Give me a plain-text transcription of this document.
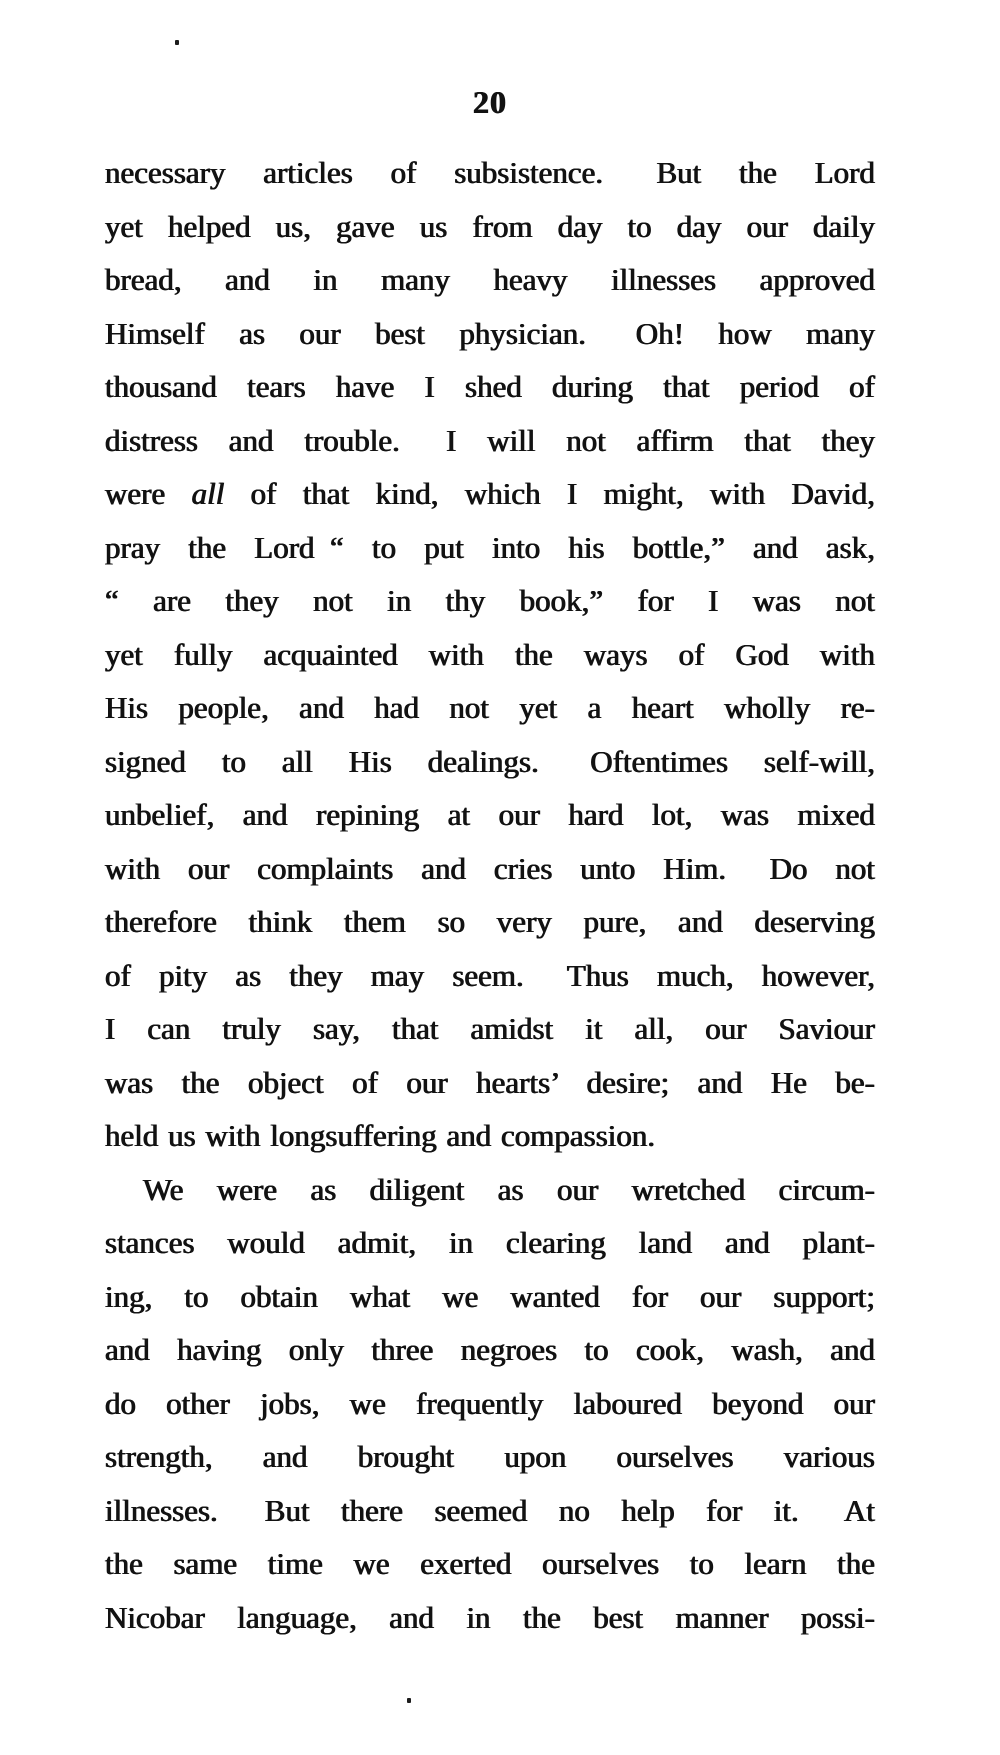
20
necessary articles of subsistence.  But the Lord
yet helped us, gave us from day to day our daily
bread, and in many heavy illnesses approved
Himself as our best physician.  Oh! how many
thousand tears have I shed during that period of
distress and trouble.  I will not affirm that they
were all of that kind, which I might, with David,
pray the Lord “ to put into his bottle,” and ask,
“ are they not in thy book,” for I was not
yet fully acquainted with the ways of God with
His people, and had not yet a heart wholly re-
signed to all His dealings.  Oftentimes self-will,
unbelief, and repining at our hard lot, was mixed
with our complaints and cries unto Him.  Do not
therefore think them so very pure, and deserving
of pity as they may seem.  Thus much, however,
I can truly say, that amidst it all, our Saviour
was the object of our hearts’ desire; and He be-
held us with longsuffering and compassion.
We were as diligent as our wretched circum-
stances would admit, in clearing land and plant-
ing, to obtain what we wanted for our support;
and having only three negroes to cook, wash, and
do other jobs, we frequently laboured beyond our
strength, and brought upon ourselves various
illnesses.  But there seemed no help for it.  At
the same time we exerted ourselves to learn the
Nicobar language, and in the best manner possi-
